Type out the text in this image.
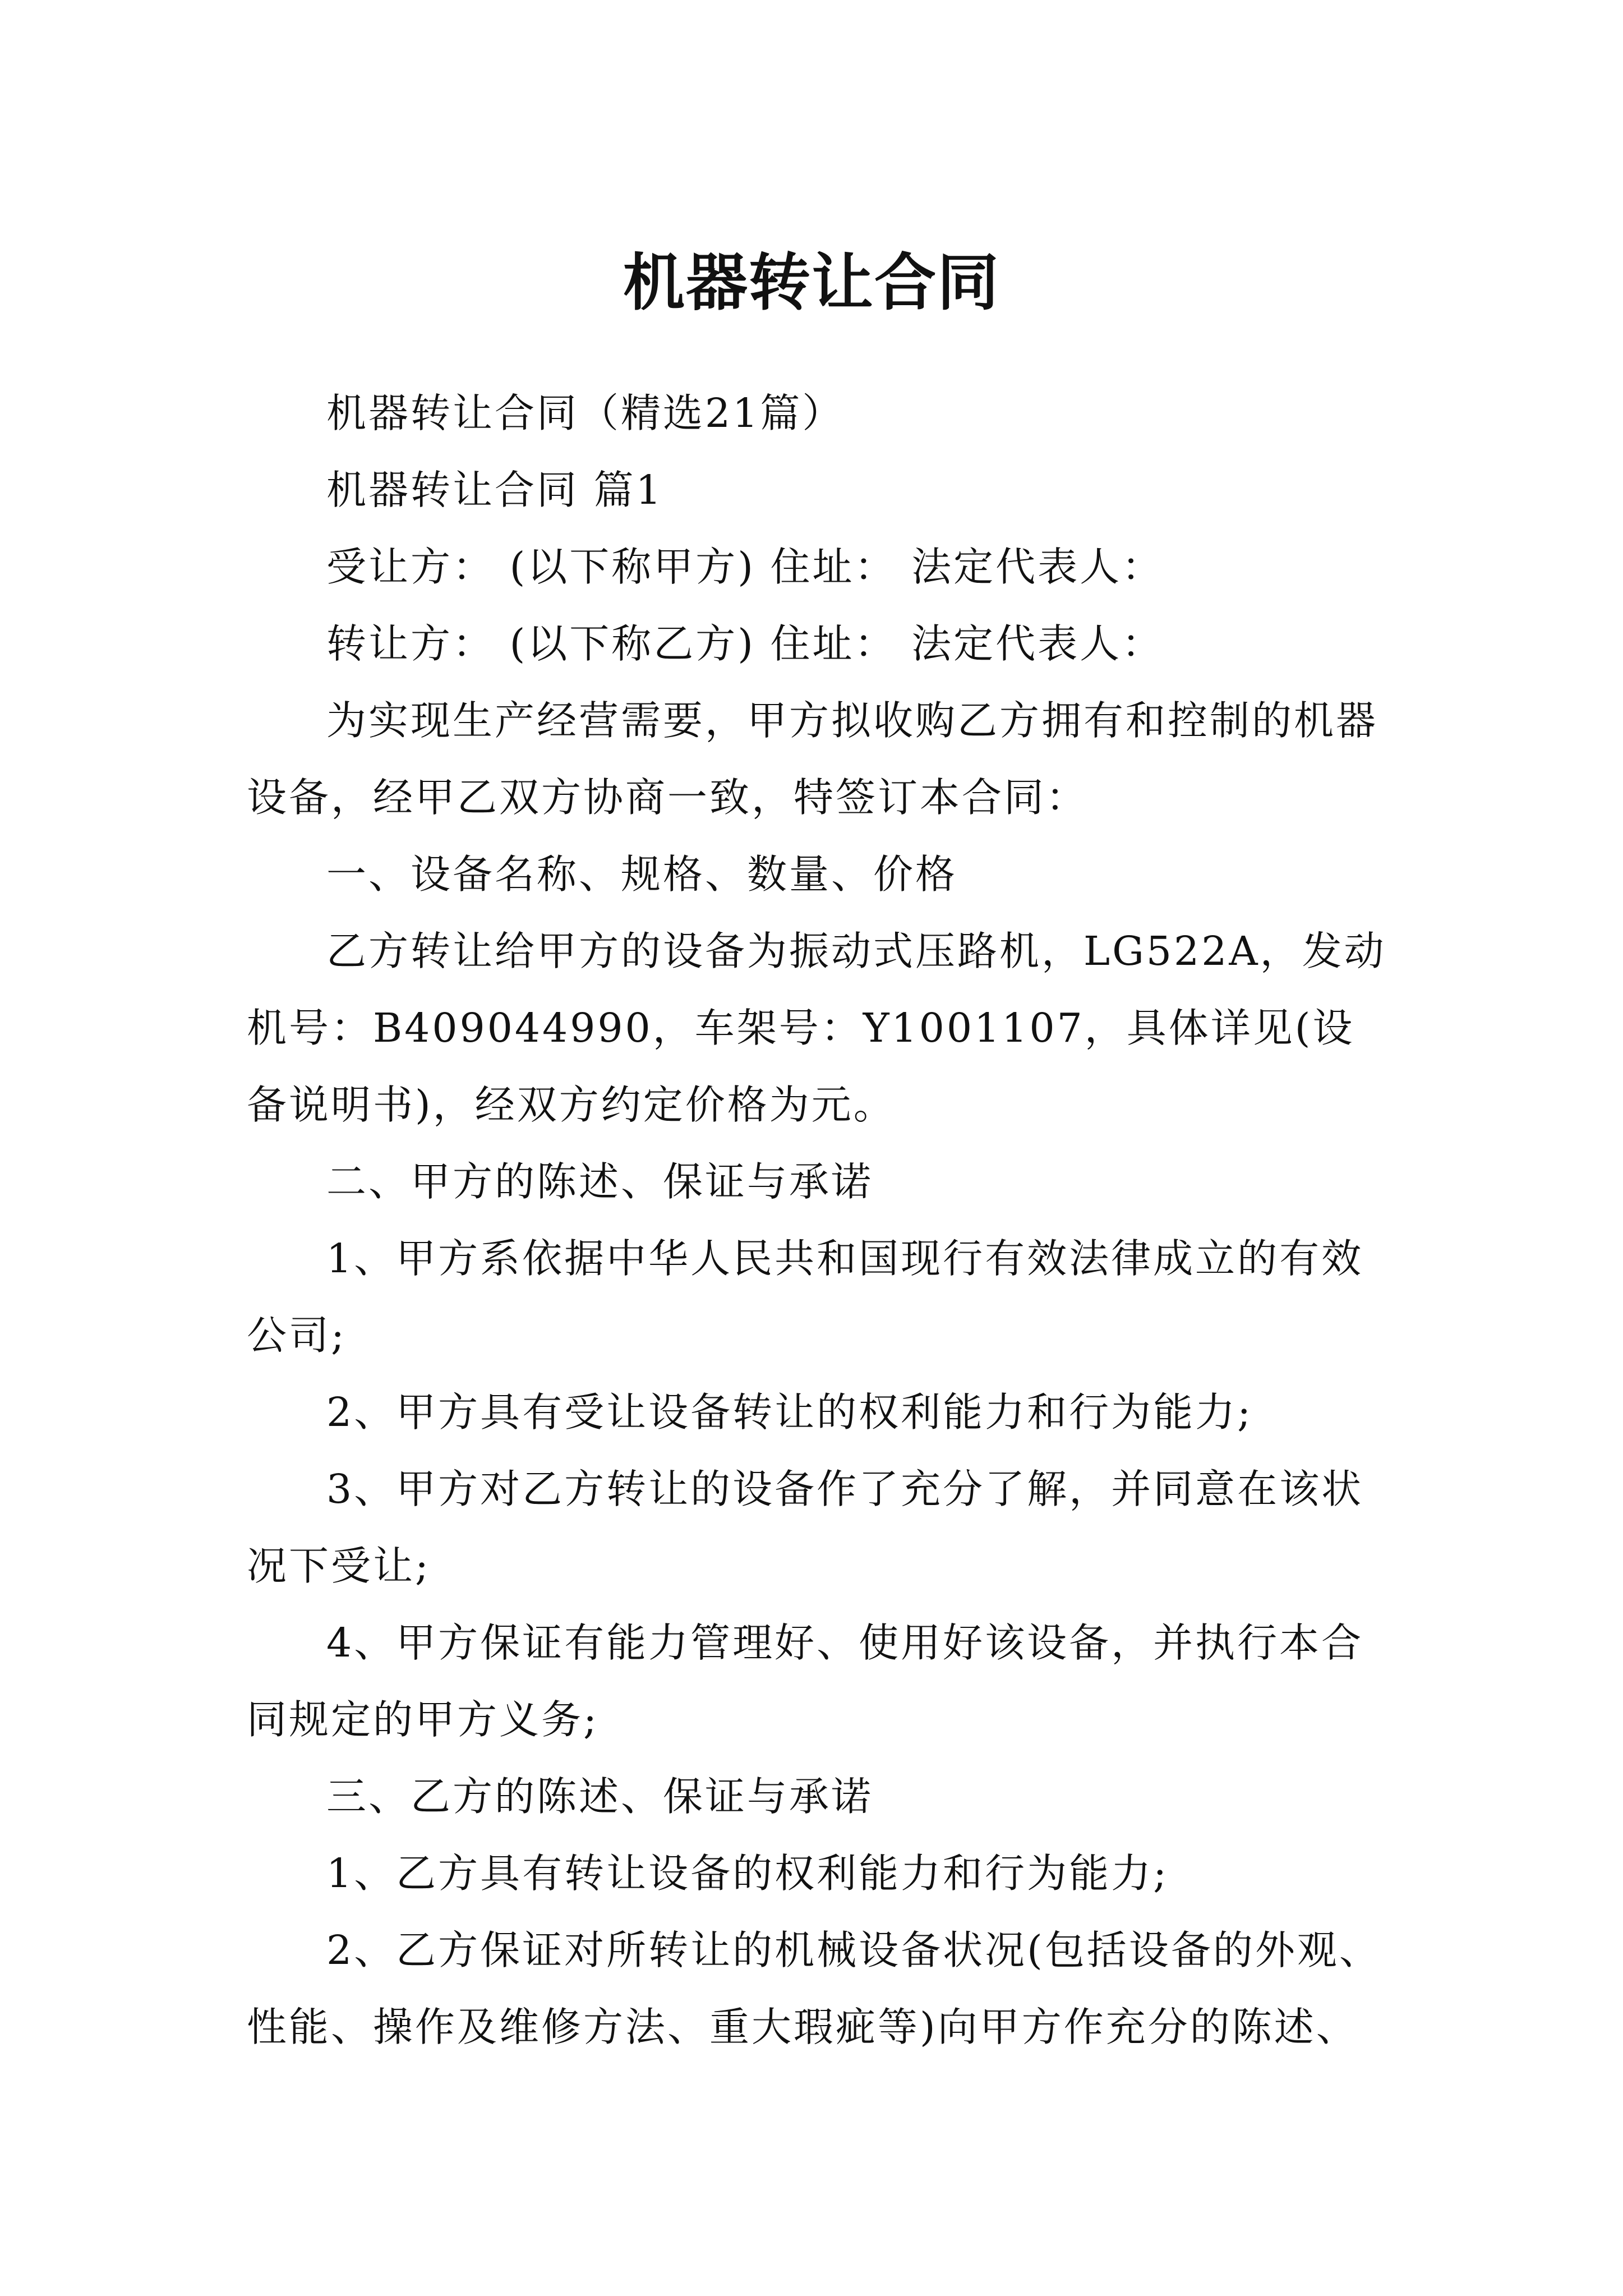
机器转让合同

机器转让合同（精选21篇）

机器转让合同 篇1

受让方： (以下称甲方) 住址： 法定代表人：

转让方： (以下称乙方) 住址： 法定代表人：

为实现生产经营需要，甲方拟收购乙方拥有和控制的机器设备，经甲乙双方协商一致，特签订本合同：

一、设备名称、规格、数量、价格

乙方转让给甲方的设备为振动式压路机，LG522A，发动机号：B409044990，车架号：Y1001107，具体详见(设备说明书)，经双方约定价格为元。

二、甲方的陈述、保证与承诺

1、甲方系依据中华人民共和国现行有效法律成立的有效公司;

2、甲方具有受让设备转让的权利能力和行为能力;

3、甲方对乙方转让的设备作了充分了解，并同意在该状况下受让;

4、甲方保证有能力管理好、使用好该设备，并执行本合同规定的甲方义务;

三、乙方的陈述、保证与承诺

1、乙方具有转让设备的权利能力和行为能力;

2、乙方保证对所转让的机械设备状况(包括设备的外观、性能、操作及维修方法、重大瑕疵等)向甲方作充分的陈述、
